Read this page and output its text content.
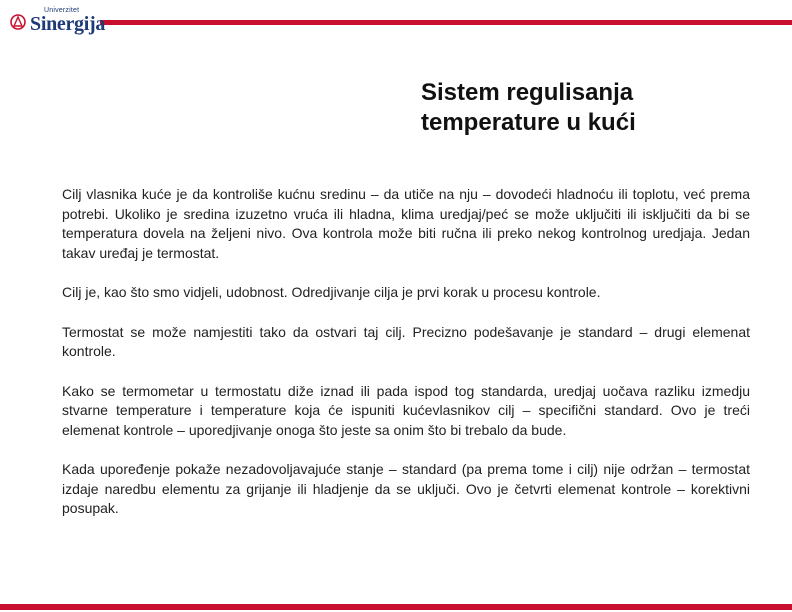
Univerzitet
Sinergija
Sistem regulisanja temperature u kući

Cilj vlasnika kuće je da kontroliše kućnu sredinu – da utiče na nju – dovodeći hladnoću ili toplotu, već prema potrebi. Ukoliko je sredina izuzetno vruća ili hladna, klima uredjaj/peć se može uključiti ili isključiti da bi se temperatura dovela na željeni nivo. Ova kontrola može biti ručna ili preko nekog kontrolnog uredjaja. Jedan takav uređaj je termostat.

Cilj je, kao što smo vidjeli, udobnost. Odredjivanje cilja je prvi korak u procesu kontrole.

Termostat se može namjestiti tako da ostvari taj cilj. Precizno podešavanje je standard – drugi elemenat kontrole.

Kako se termometar u termostatu diže iznad ili pada ispod tog standarda, uredjaj uočava razliku izmedju stvarne temperature i temperature koja će ispuniti kućevlasnikov cilj – specifični standard. Ovo je treći elemenat kontrole – uporedjivanje onoga što jeste sa onim što bi trebalo da bude.

Kada upoređenje pokaže nezadovoljavajuće stanje – standard (pa prema tome i cilj) nije održan – termostat izdaje naredbu elementu za grijanje ili hladjenje da se uključi. Ovo je četvrti elemenat kontrole – korektivni posupak.
